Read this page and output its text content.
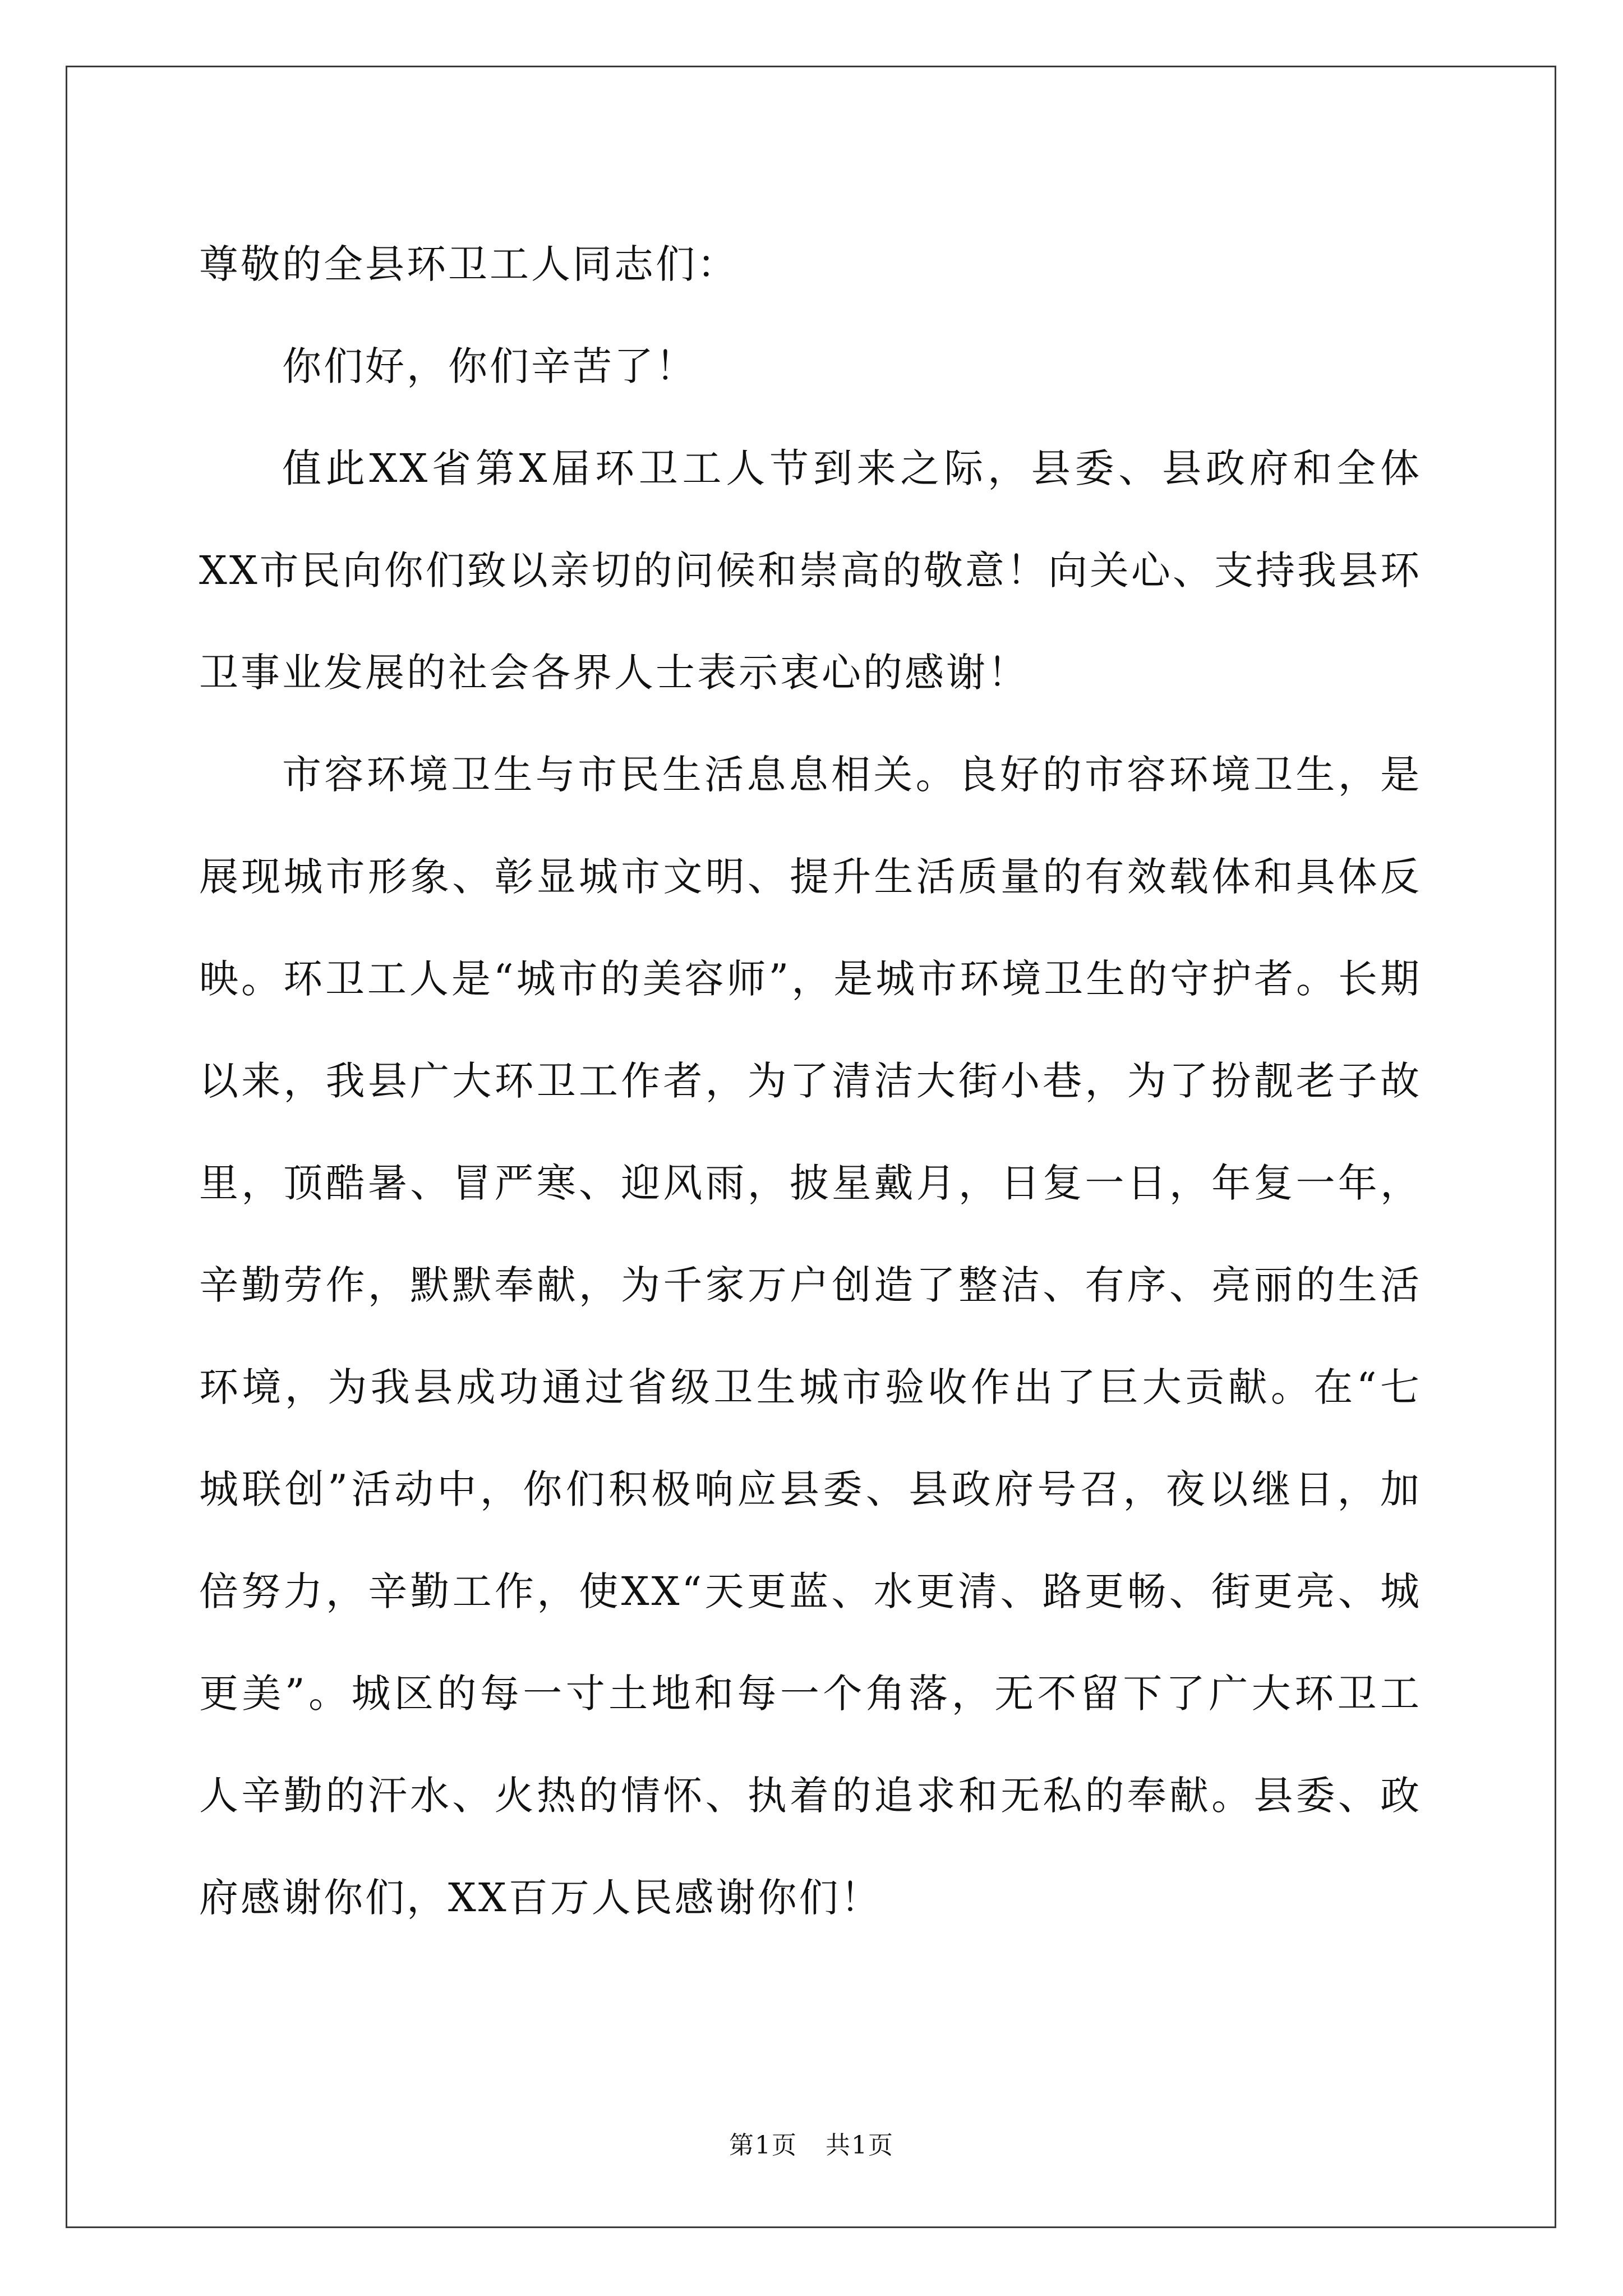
尊敬的全县环卫工人同志们：

你们好，你们辛苦了！

值此XX省第X届环卫工人节到来之际，县委、县政府和全体XX市民向你们致以亲切的问候和崇高的敬意！向关心、支持我县环卫事业发展的社会各界人士表示衷心的感谢！

市容环境卫生与市民生活息息相关。良好的市容环境卫生，是展现城市形象、彰显城市文明、提升生活质量的有效载体和具体反映。环卫工人是“城市的美容师”，是城市环境卫生的守护者。长期以来，我县广大环卫工作者，为了清洁大街小巷，为了扮靓老子故里，顶酷暑、冒严寒、迎风雨，披星戴月，日复一日，年复一年，辛勤劳作，默默奉献，为千家万户创造了整洁、有序、亮丽的生活环境，为我县成功通过省级卫生城市验收作出了巨大贡献。在“七城联创”活动中，你们积极响应县委、县政府号召，夜以继日，加倍努力，辛勤工作，使XX“天更蓝、水更清、路更畅、街更亮、城更美”。城区的每一寸土地和每一个角落，无不留下了广大环卫工人辛勤的汗水、火热的情怀、执着的追求和无私的奉献。县委、政府感谢你们，XX百万人民感谢你们！

第1页 共1页
